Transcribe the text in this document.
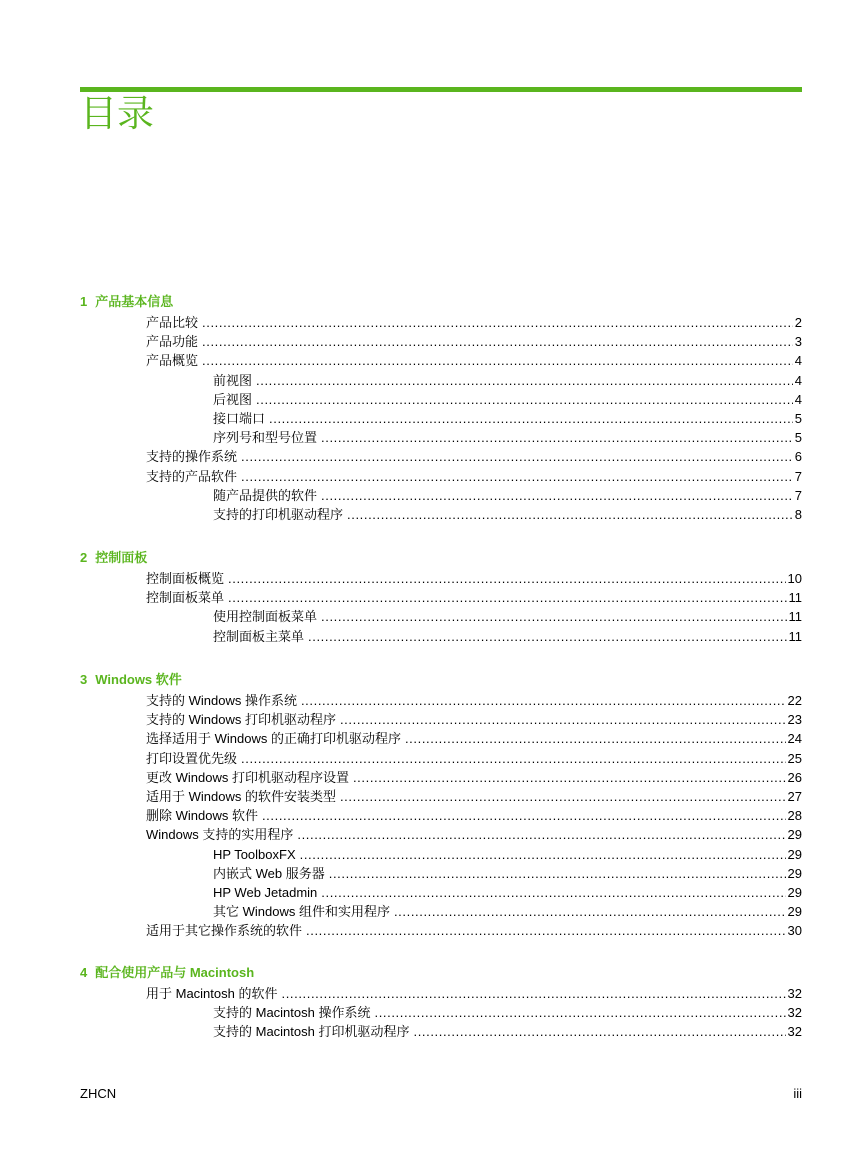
目录
1 产品基本信息
产品比较 .....	2
产品功能 .....	3
产品概览 .....	4
前视图 .....	4
后视图 .....	4
接口端口 .....	5
序列号和型号位置 .....	5
支持的操作系统 .....	6
支持的产品软件 .....	7
随产品提供的软件 .....	7
支持的打印机驱动程序 .....	8
2 控制面板
控制面板概览 .....	10
控制面板菜单 .....	11
使用控制面板菜单 .....	11
控制面板主菜单 .....	11
3 Windows 软件
支持的 Windows 操作系统 .....	22
支持的 Windows 打印机驱动程序 .....	23
选择适用于 Windows 的正确打印机驱动程序 .....	24
打印设置优先级 .....	25
更改 Windows 打印机驱动程序设置 .....	26
适用于 Windows 的软件安装类型 .....	27
删除 Windows 软件 .....	28
Windows 支持的实用程序 .....	29
HP ToolboxFX .....	29
内嵌式 Web 服务器 .....	29
HP Web Jetadmin .....	29
其它 Windows 组件和实用程序 .....	29
适用于其它操作系统的软件 .....	30
4 配合使用产品与 Macintosh
用于 Macintosh 的软件 .....	32
支持的 Macintosh 操作系统 .....	32
支持的 Macintosh 打印机驱动程序 .....	32
ZHCN	iii
